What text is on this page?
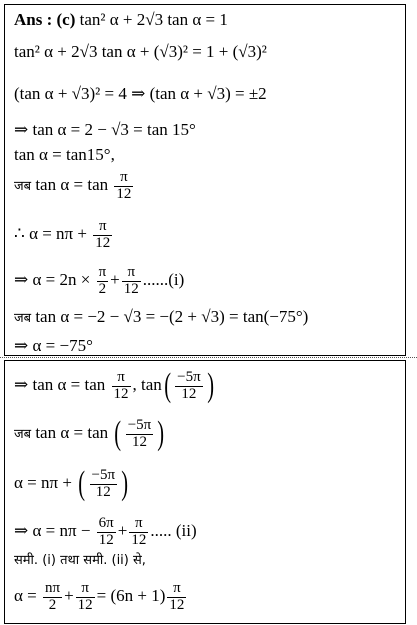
Ans : (c) tan² α + 2√3 tan α = 1
tan² α + 2√3 tan α + (√3)² = 1 + (√3)²
(tan α + √3)² = 4 ⇒ (tan α + √3) = ±2
⇒ tan α = 2 − √3 = tan 15°
tan α = tan15°,
जब $\tan \alpha = \tan \frac{\pi}{12}$
∴ $\alpha = n\pi + \frac{\pi}{12}$
⇒ $\alpha = 2n \times \frac{\pi}{2} + \frac{\pi}{12} ......(i)$
जब tan α = −2 − √3 = −(2 + √3) = tan(−75°)
⇒ α = −75°
⇒ $\tan \alpha = \tan \frac{\pi}{12}$ , $\tan( \frac{-5\pi}{12}$ )
जब tan α = tan ( $\frac{-5\pi}{12}$ )
α = nπ + ( $\frac{-5\pi}{12}$ )
⇒ $\alpha = n\pi - \frac{6\pi}{12} + \frac{\pi}{12}$ ..... (ii)
समी. (i) तथा समी. (ii) से,
$\alpha = \frac{n\pi}{2} + \frac{\pi}{12} = (6n + 1) \frac{\pi}{12}$
